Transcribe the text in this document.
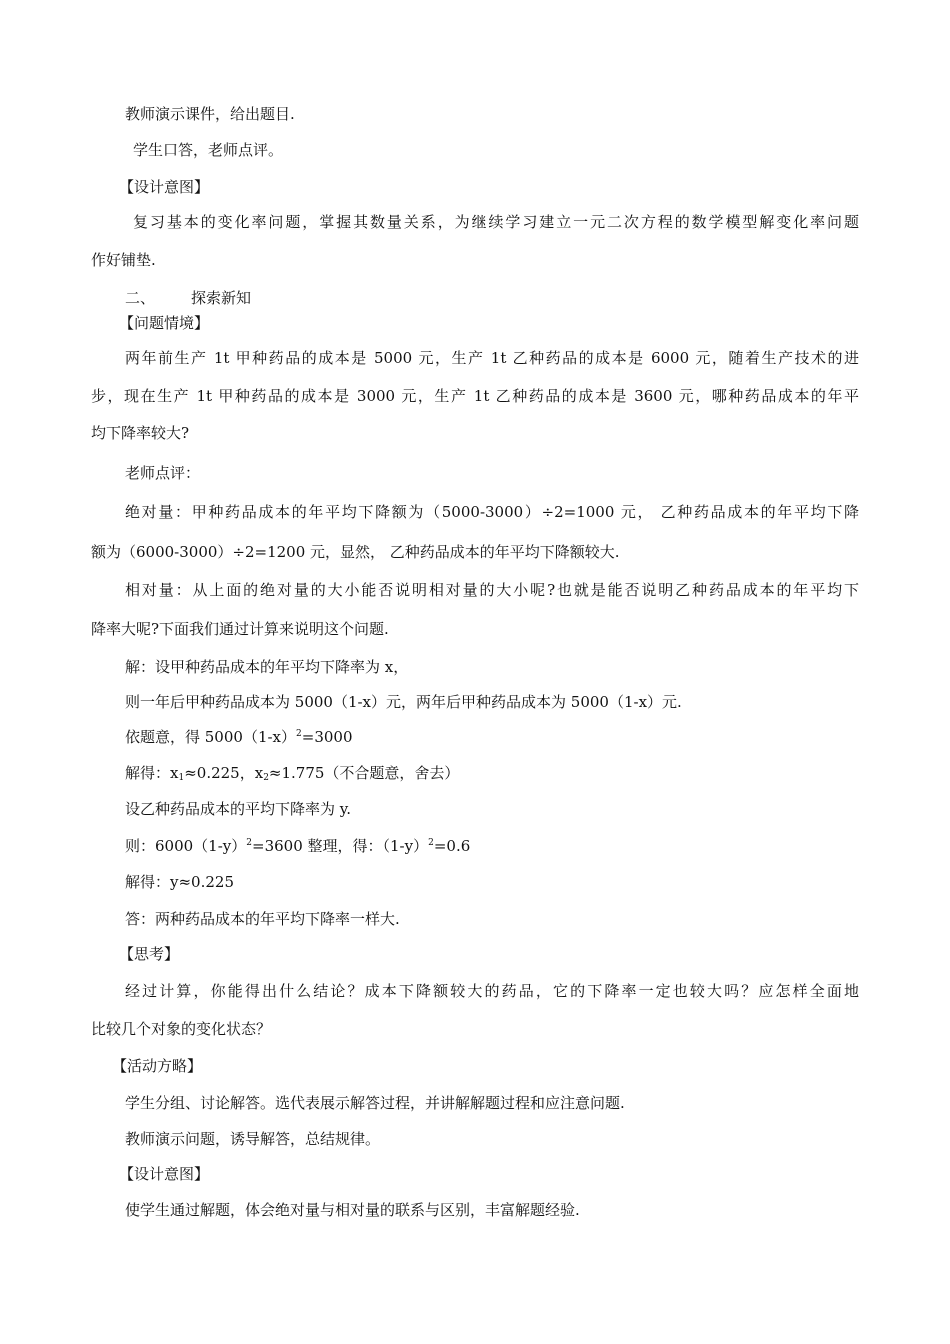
教师演示课件，给出题目.
学生口答，老师点评。
【设计意图】
复习基本的变化率问题，掌握其数量关系，为继续学习建立一元二次方程的数学模型解变化率问题
作好铺垫.
二、 探索新知
【问题情境】
两年前生产 1t 甲种药品的成本是 5000 元，生产 1t 乙种药品的成本是 6000 元，随着生产技术的进
步，现在生产 1t 甲种药品的成本是 3000 元，生产 1t 乙种药品的成本是 3600 元，哪种药品成本的年平
均下降率较大?
老师点评：
绝对量：甲种药品成本的年平均下降额为（5000-3000）÷2=1000 元， 乙种药品成本的年平均下降
额为（6000-3000）÷2=1200 元，显然， 乙种药品成本的年平均下降额较大.
相对量：从上面的绝对量的大小能否说明相对量的大小呢?也就是能否说明乙种药品成本的年平均下
降率大呢?下面我们通过计算来说明这个问题.
解：设甲种药品成本的年平均下降率为 x，
则一年后甲种药品成本为 5000（1-x）元，两年后甲种药品成本为 5000（1-x）元.
依题意，得 $5000(1-x)^2=3000$
解得：$x_1\approx 0.225$，$x_2\approx 1.775$（不合题意，舍去）
设乙种药品成本的平均下降率为 y.
则：$6000(1-y)^2=3600$ 整理，得：$(1-y)^2=0.6$
解得：y≈0.225
答：两种药品成本的年平均下降率一样大.
【思考】
经过计算，你能得出什么结论？成本下降额较大的药品，它的下降率一定也较大吗？应怎样全面地
比较几个对象的变化状态？
【活动方略】
学生分组、讨论解答。选代表展示解答过程，并讲解解题过程和应注意问题.
教师演示问题，诱导解答，总结规律。
【设计意图】
使学生通过解题，体会绝对量与相对量的联系与区别，丰富解题经验.
